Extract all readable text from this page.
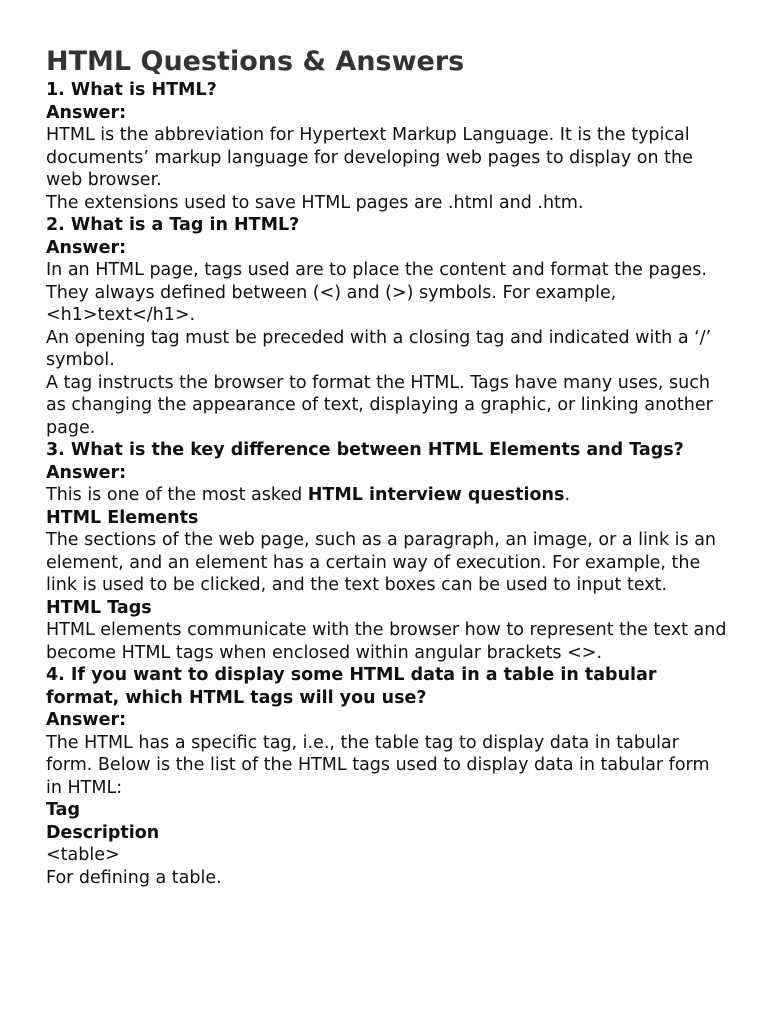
HTML Questions & Answers
1. What is HTML?
Answer:
HTML is the abbreviation for Hypertext Markup Language. It is the typical documents’ markup language for developing web pages to display on the web browser.
The extensions used to save HTML pages are .html and .htm.
2. What is a Tag in HTML?
Answer:
In an HTML page, tags used are to place the content and format the pages. They always defined between (<) and (>) symbols. For example, <h1>text</h1>.
An opening tag must be preceded with a closing tag and indicated with a ‘/’ symbol.
A tag instructs the browser to format the HTML. Tags have many uses, such as changing the appearance of text, displaying a graphic, or linking another page.
3. What is the key difference between HTML Elements and Tags?
Answer:
This is one of the most asked HTML interview questions.
HTML Elements
The sections of the web page, such as a paragraph, an image, or a link is an element, and an element has a certain way of execution. For example, the link is used to be clicked, and the text boxes can be used to input text.
HTML Tags
HTML elements communicate with the browser how to represent the text and become HTML tags when enclosed within angular brackets <>.
4. If you want to display some HTML data in a table in tabular format, which HTML tags will you use?
Answer:
The HTML has a specific tag, i.e., the table tag to display data in tabular form. Below is the list of the HTML tags used to display data in tabular form in HTML:
Tag
Description
<table>
For defining a table.
